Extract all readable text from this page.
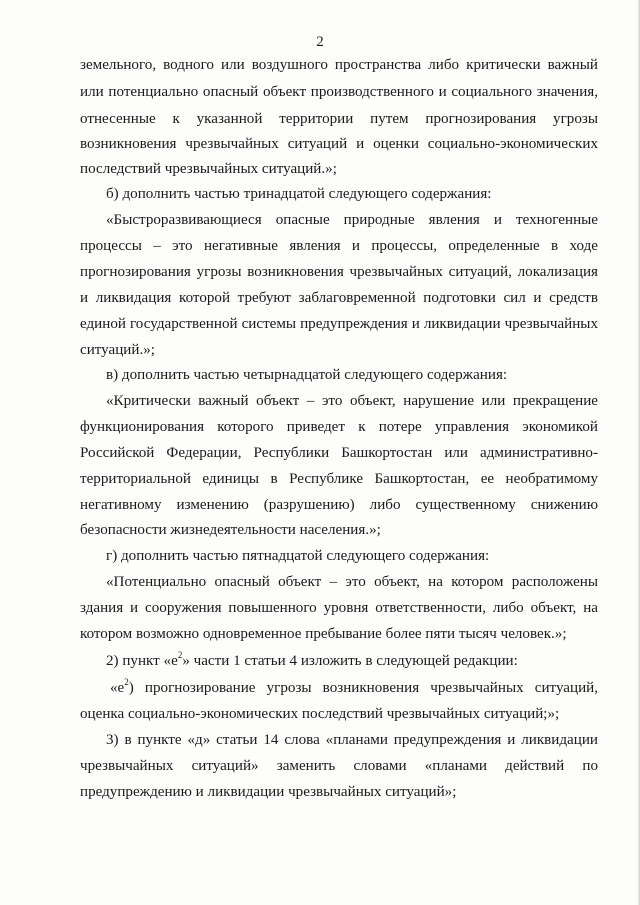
2
земельного, водного или воздушного пространства либо критически важный
или потенциально опасный объект производственного и социального значения,
отнесенные к указанной территории путем прогнозирования угрозы
возникновения чрезвычайных ситуаций и оценки социально-экономических
последствий чрезвычайных ситуаций.»;
б) дополнить частью тринадцатой следующего содержания:
«Быстроразвивающиеся опасные природные явления и техногенные
процессы – это негативные явления и процессы, определенные в ходе
прогнозирования угрозы возникновения чрезвычайных ситуаций, локализация
и ликвидация которой требуют заблаговременной подготовки сил и средств
единой государственной системы предупреждения и ликвидации чрезвычайных
ситуаций.»;
в) дополнить частью четырнадцатой следующего содержания:
«Критически важный объект – это объект, нарушение или прекращение
функционирования которого приведет к потере управления экономикой
Российской Федерации, Республики Башкортостан или административно-
территориальной единицы в Республике Башкортостан, ее необратимому
негативному изменению (разрушению) либо существенному снижению
безопасности жизнедеятельности населения.»;
г) дополнить частью пятнадцатой следующего содержания:
«Потенциально опасный объект – это объект, на котором расположены
здания и сооружения повышенного уровня ответственности, либо объект, на
котором возможно одновременное пребывание более пяти тысяч человек.»;
2) пункт «$е^2$» части 1 статьи 4 изложить в следующей редакции:
«$е^2$) прогнозирование угрозы возникновения чрезвычайных ситуаций,
оценка социально-экономических последствий чрезвычайных ситуаций;»;
3) в пункте «д» статьи 14 слова «планами предупреждения и ликвидации
чрезвычайных ситуаций» заменить словами «планами действий по
предупреждению и ликвидации чрезвычайных ситуаций»;
